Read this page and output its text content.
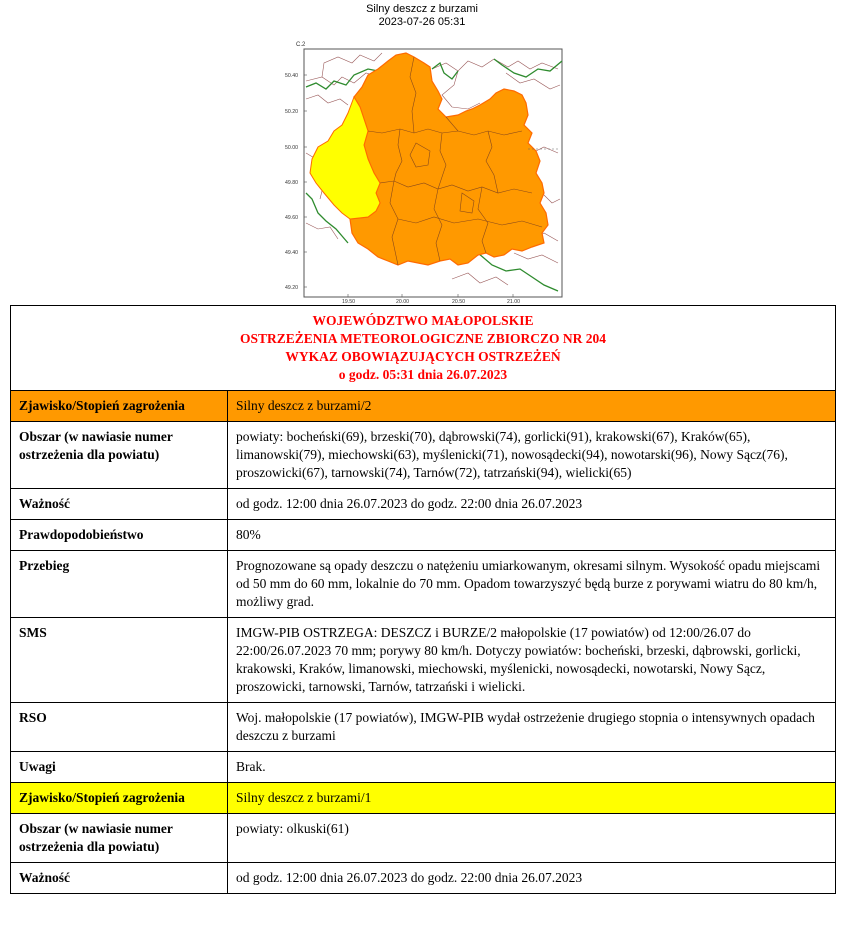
Silny deszcz z burzami
2023-07-26 05:31
C.2
50.40
50.20
50.00
49.80
49.60
49.40
49.20
19.50	20.00	20.50	21.00
WOJEWÓDZTWO MAŁOPOLSKIE
OSTRZEŻENIA METEOROLOGICZNE ZBIORCZO NR 204
WYKAZ OBOWIĄZUJĄCYCH OSTRZEŻEŃ
o godz. 05:31 dnia 26.07.2023	

Zjawisko/Stopień zagrożenia	Silny deszcz z burzami/2
Obszar (w nawiasie numer ostrzeżenia dla powiatu)	powiaty: bocheński(69), brzeski(70), dąbrowski(74), gorlicki(91), krakowski(67), Kraków(65), limanowski(79), miechowski(63), myślenicki(71), nowosądecki(94), nowotarski(96), Nowy Sącz(76), proszowicki(67), tarnowski(74), Tarnów(72), tatrzański(94), wielicki(65)
Ważność	od godz. 12:00 dnia 26.07.2023 do godz. 22:00 dnia 26.07.2023
Prawdopodobieństwo	80%
Przebieg	Prognozowane są opady deszczu o natężeniu umiarkowanym, okresami silnym. Wysokość opadu miejscami od 50 mm do 60 mm, lokalnie do 70 mm. Opadom towarzyszyć będą burze z porywami wiatru do 80 km/h, możliwy grad.
SMS	IMGW-PIB OSTRZEGA: DESZCZ i BURZE/2 małopolskie (17 powiatów) od 12:00/26.07 do 22:00/26.07.2023 70 mm; porywy 80 km/h. Dotyczy powiatów: bocheński, brzeski, dąbrowski, gorlicki, krakowski, Kraków, limanowski, miechowski, myślenicki, nowosądecki, nowotarski, Nowy Sącz, proszowicki, tarnowski, Tarnów, tatrzański i wielicki.
RSO	Woj. małopolskie (17 powiatów), IMGW-PIB wydał ostrzeżenie drugiego stopnia o intensywnych opadach deszczu z burzami
Uwagi	Brak.
Zjawisko/Stopień zagrożenia	Silny deszcz z burzami/1
Obszar (w nawiasie numer ostrzeżenia dla powiatu)	powiaty: olkuski(61)
Ważność	od godz. 12:00 dnia 26.07.2023 do godz. 22:00 dnia 26.07.2023
